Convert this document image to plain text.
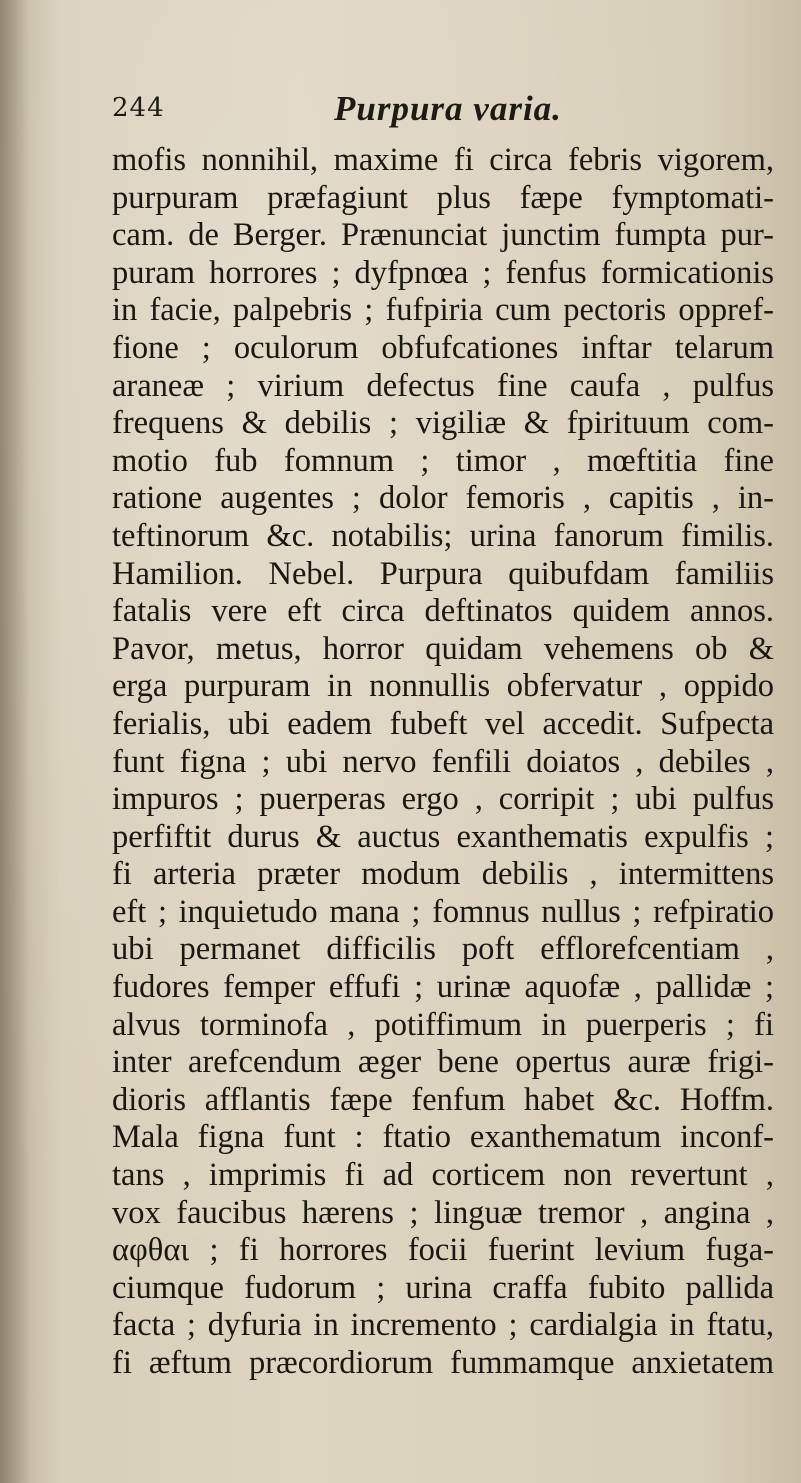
244	Purpura varia.
mofis nonnihil, maxime fi circa febris vigorem,
purpuram præfagiunt plus fæpe fymptomati-
cam. de Berger. Prænunciat junctim fumpta pur-
puram horrores ; dyfpnœa ; fenfus formicationis
in facie, palpebris ; fufpiria cum pectoris oppref-
fione ; oculorum obfufcationes inftar telarum
araneæ ; virium defectus fine caufa , pulfus
frequens & debilis ; vigiliæ & fpirituum com-
motio fub fomnum ; timor , mœftitia fine
ratione augentes ; dolor femoris , capitis , in-
teftinorum &c. notabilis; urina fanorum fimilis.
Hamilion. Nebel. Purpura quibufdam familiis
fatalis vere eft circa deftinatos quidem annos.
Pavor, metus, horror quidam vehemens ob &
erga purpuram in nonnullis obfervatur , oppido
ferialis, ubi eadem fubeft vel accedit. Sufpecta
funt figna ; ubi nervo fenfili doiatos , debiles ,
impuros ; puerperas ergo , corripit ; ubi pulfus
perfiftit durus & auctus exanthematis expulfis ;
fi arteria præter modum debilis , intermittens
eft ; inquietudo mana ; fomnus nullus ; refpiratio
ubi permanet difficilis poft efflorefcentiam ,
fudores femper effufi ; urinæ aquofæ , pallidæ ;
alvus torminofa , potiffimum in puerperis ; fi
inter arefcendum æger bene opertus auræ frigi-
dioris afflantis fæpe fenfum habet &c. Hoffm.
Mala figna funt : ftatio exanthematum inconf-
tans , imprimis fi ad corticem non revertunt ,
vox faucibus hærens ; linguæ tremor , angina ,
αφθαι ; fi horrores focii fuerint levium fuga-
ciumque fudorum ; urina craffa fubito pallida
facta ; dyfuria in incremento ; cardialgia in ftatu,
fi æftum præcordiorum fummamque anxietatem
